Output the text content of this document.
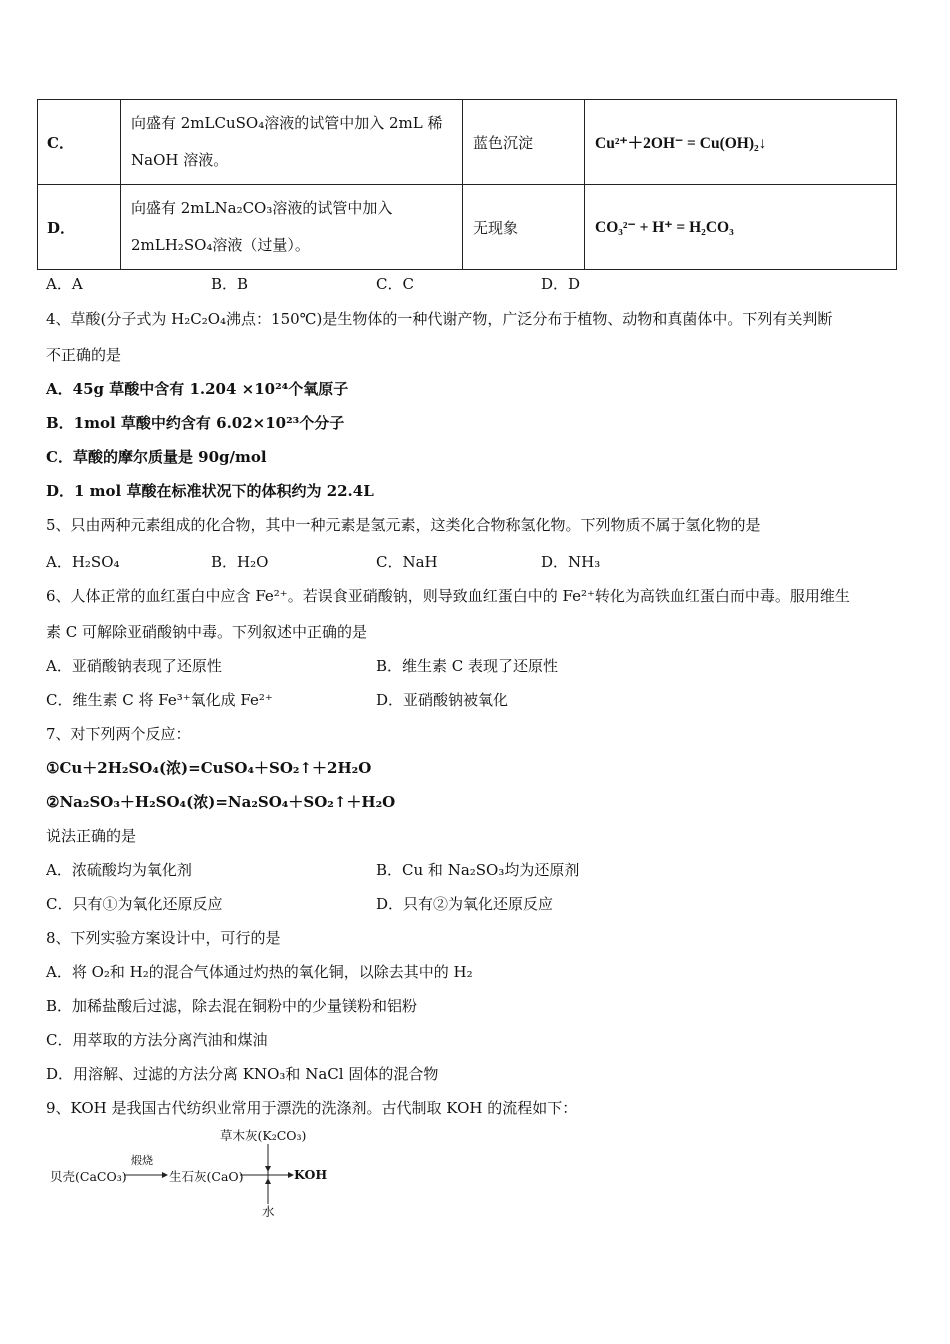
C．	向盛有 2mLCuSO₄溶液的试管中加入 2mL 稀
NaOH 溶液。	蓝色沉淀	Cu²⁺＋2OH⁻ = Cu(OH)₂↓
D．	向盛有 2mLNa₂CO₃溶液的试管中加入
2mLH₂SO₄溶液（过量）。	无现象	CO₃²⁻ + H⁺ = H₂CO₃
A．A	B．B	C．C	D．D
4、草酸(分子式为 H₂C₂O₄沸点：150℃)是生物体的一种代谢产物，广泛分布于植物、动物和真菌体中。下列有关判断
不正确的是
A．45g 草酸中含有 1.204 ×10²⁴个氧原子
B．1mol 草酸中约含有 6.02×10²³个分子
C．草酸的摩尔质量是 90g/mol
D．1 mol 草酸在标准状况下的体积约为 22.4L
5、只由两种元素组成的化合物，其中一种元素是氢元素，这类化合物称氢化物。下列物质不属于氢化物的是
A．H₂SO₄	B．H₂O	C．NaH	D．NH₃
6、人体正常的血红蛋白中应含 Fe²⁺。若误食亚硝酸钠，则导致血红蛋白中的 Fe²⁺转化为高铁血红蛋白而中毒。服用维生
素 C 可解除亚硝酸钠中毒。下列叙述中正确的是
A．亚硝酸钠表现了还原性	B．维生素 C 表现了还原性
C．维生素 C 将 Fe³⁺氧化成 Fe²⁺	D．亚硝酸钠被氧化
7、对下列两个反应：
①Cu＋2H₂SO₄(浓)=CuSO₄＋SO₂↑＋2H₂O
②Na₂SO₃＋H₂SO₄(浓)=Na₂SO₄＋SO₂↑＋H₂O
说法正确的是
A．浓硫酸均为氧化剂	B．Cu 和 Na₂SO₃均为还原剂
C．只有①为氧化还原反应	D．只有②为氧化还原反应
8、下列实验方案设计中，可行的是
A．将 O₂和 H₂的混合气体通过灼热的氧化铜，以除去其中的 H₂
B．加稀盐酸后过滤，除去混在铜粉中的少量镁粉和铝粉
C．用萃取的方法分离汽油和煤油
D．用溶解、过滤的方法分离 KNO₃和 NaCl 固体的混合物
9、KOH 是我国古代纺织业常用于漂洗的洗涤剂。古代制取 KOH 的流程如下：
草木灰(K₂CO₃)
贝壳(CaCO₃)
煅烧
生石灰(CaO)	KOH
水
